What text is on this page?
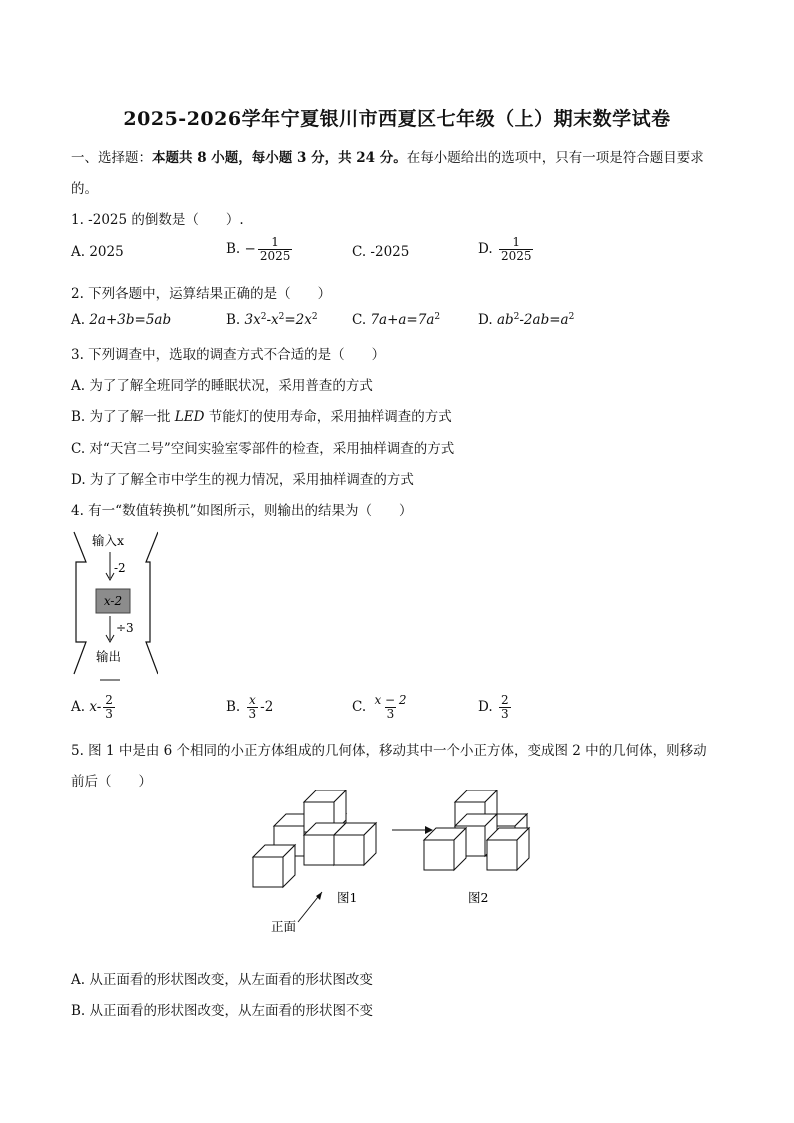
2025-2026学年宁夏银川市西夏区七年级（上）期末数学试卷
一、选择题：本题共 8 小题，每小题 3 分，共 24 分。在每小题给出的选项中，只有一项是符合题目要求
的。
1. -2025 的倒数是（　　）.
A. 2025	B. − $\frac{1}{2025}$	C. -2025	D. $\frac{1}{2025}$
2. 下列各题中，运算结果正确的是（　　）
A. 2a+3b=5ab	B. $3x^2-x^2=2x^2$	C. $7a+a=7a^2$	D. $ab^2-2ab=a^2$
3. 下列调查中，选取的调查方式不合适的是（　　）
A. 为了了解全班同学的睡眠状况，采用普查的方式
B. 为了了解一批 LED 节能灯的使用寿命，采用抽样调查的方式
C. 对“天宫二号”空间实验室零部件的检查，采用抽样调查的方式
D. 为了了解全市中学生的视力情况，采用抽样调查的方式
4. 有一“数值转换机”如图所示，则输出的结果为（　　）
输入x
-2
x-2
÷3
输出
A. $x- \frac{2}{3}$	B. $\frac{x}{3} -2$	C. $\frac{x - 2}{3}$	D. $\frac{2}{3}$
5. 图 1 中是由 6 个相同的小正方体组成的几何体，移动其中一个小正方体，变成图 2 中的几何体，则移动
前后（　　）
图1	图2
正面
A. 从正面看的形状图改变，从左面看的形状图改变
B. 从正面看的形状图改变，从左面看的形状图不变
